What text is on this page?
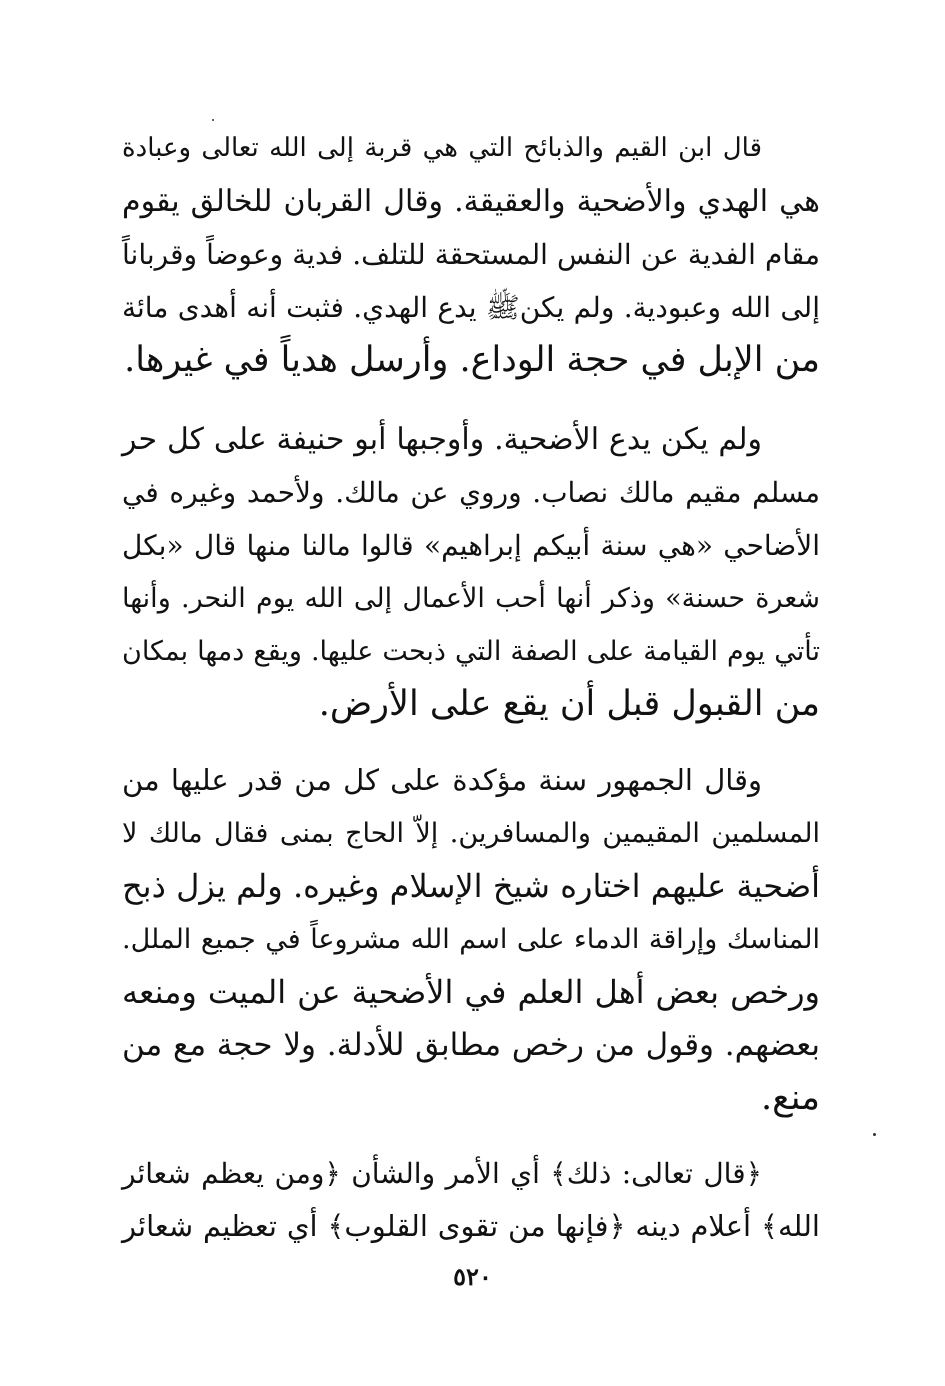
قال ابن القيم والذبائح التي هي قربة إلى الله تعالى وعبادة
هي الهدي والأضحية والعقيقة. وقال القربان للخالق يقوم
مقام الفدية عن النفس المستحقة للتلف. فدية وعوضاً وقرباناً
إلى الله وعبودية. ولم يكنﷺ يدع الهدي. فثبت أنه أهدى مائة
من الإبل في حجة الوداع. وأرسل هدياً في غيرها.
ولم يكن يدع الأضحية. وأوجبها أبو حنيفة على كل حر
مسلم مقيم مالك نصاب. وروي عن مالك. ولأحمد وغيره في
الأضاحي «هي سنة أبيكم إبراهيم» قالوا مالنا منها قال «بكل
شعرة حسنة» وذكر أنها أحب الأعمال إلى الله يوم النحر. وأنها
تأتي يوم القيامة على الصفة التي ذبحت عليها. ويقع دمها بمكان
من القبول قبل أن يقع على الأرض.
وقال الجمهور سنة مؤكدة على كل من قدر عليها من
المسلمين المقيمين والمسافرين. إلاّ الحاج بمنى فقال مالك لا
أضحية عليهم اختاره شيخ الإسلام وغيره. ولم يزل ذبح
المناسك وإراقة الدماء على اسم الله مشروعاً في جميع الملل.
ورخص بعض أهل العلم في الأضحية عن الميت ومنعه
بعضهم. وقول من رخص مطابق للأدلة. ولا حجة مع من
منع.
﴿قال تعالى: ذلك﴾ أي الأمر والشأن ﴿ومن يعظم شعائر
الله﴾ أعلام دينه ﴿فإنها من تقوى القلوب﴾ أي تعظيم شعائر
٥٢٠
